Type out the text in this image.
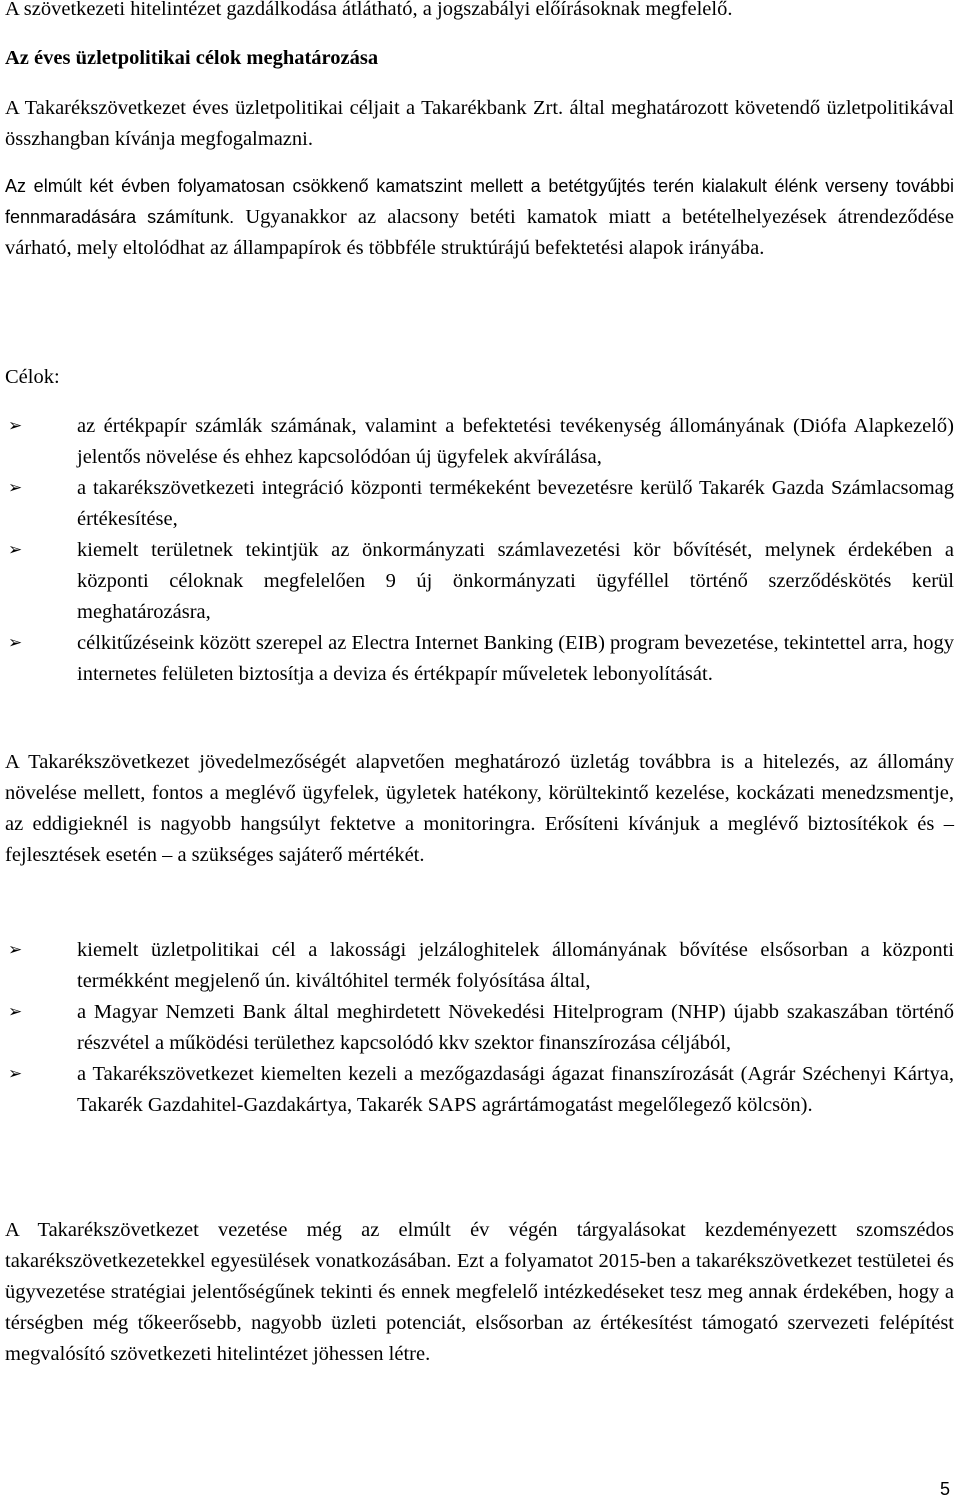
A szövetkezeti hitelintézet gazdálkodása átlátható, a jogszabályi előírásoknak megfelelő.

Az éves üzletpolitikai célok meghatározása

A Takarékszövetkezet éves üzletpolitikai céljait a Takarékbank Zrt. által meghatározott követendő üzletpolitikával összhangban kívánja megfogalmazni.

Az elmúlt két évben folyamatosan csökkenő kamatszint mellett a betétgyűjtés terén kialakult élénk verseny további fennmaradására számítunk. Ugyanakkor az alacsony betéti kamatok miatt a betételhelyezések átrendeződése várható, mely eltolódhat az állampapírok és többféle struktúrájú befektetési alapok irányába.

Célok:

➢	az értékpapír számlák számának, valamint a befektetési tevékenység állományának (Diófa Alapkezelő) jelentős növelése és ehhez kapcsolódóan új ügyfelek akvírálása,
➢	a takarékszövetkezeti integráció központi termékeként bevezetésre kerülő Takarék Gazda Számlacsomag értékesítése,
➢	kiemelt területnek tekintjük az önkormányzati számlavezetési kör bővítését, melynek érdekében a központi céloknak megfelelően 9 új önkormányzati ügyféllel történő szerződéskötés kerül meghatározásra,
➢	célkitűzéseink között szerepel az Electra Internet Banking (EIB) program bevezetése, tekintettel arra, hogy internetes felületen biztosítja a deviza és értékpapír műveletek lebonyolítását.

A Takarékszövetkezet jövedelmezőségét alapvetően meghatározó üzletág továbbra is a hitelezés, az állomány növelése mellett, fontos a meglévő ügyfelek, ügyletek hatékony, körültekintő kezelése, kockázati menedzsmentje, az eddigieknél is nagyobb hangsúlyt fektetve a monitoringra. Erősíteni kívánjuk a meglévő biztosítékok és – fejlesztések esetén – a szükséges sajáterő mértékét.

➢	kiemelt üzletpolitikai cél a lakossági jelzáloghitelek állományának bővítése elsősorban a központi termékként megjelenő ún. kiváltóhitel termék folyósítása által,
➢	a Magyar Nemzeti Bank által meghirdetett Növekedési Hitelprogram (NHP) újabb szakaszában történő részvétel a működési területhez kapcsolódó kkv szektor finanszírozása céljából,
➢	a Takarékszövetkezet kiemelten kezeli a mezőgazdasági ágazat finanszírozását (Agrár Széchenyi Kártya, Takarék Gazdahitel-Gazdakártya, Takarék SAPS agrártámogatást megelőlegező kölcsön).

A Takarékszövetkezet vezetése még az elmúlt év végén tárgyalásokat kezdeményezett szomszédos takarékszövetkezetekkel egyesülések vonatkozásában. Ezt a folyamatot 2015-ben a takarékszövetkezet testületei és ügyvezetése stratégiai jelentőségűnek tekinti és ennek megfelelő intézkedéseket tesz meg annak érdekében, hogy a térségben még tőkeerősebb, nagyobb üzleti potenciát, elsősorban az értékesítést támogató szervezeti felépítést megvalósító szövetkezeti hitelintézet jöhessen létre.

5
